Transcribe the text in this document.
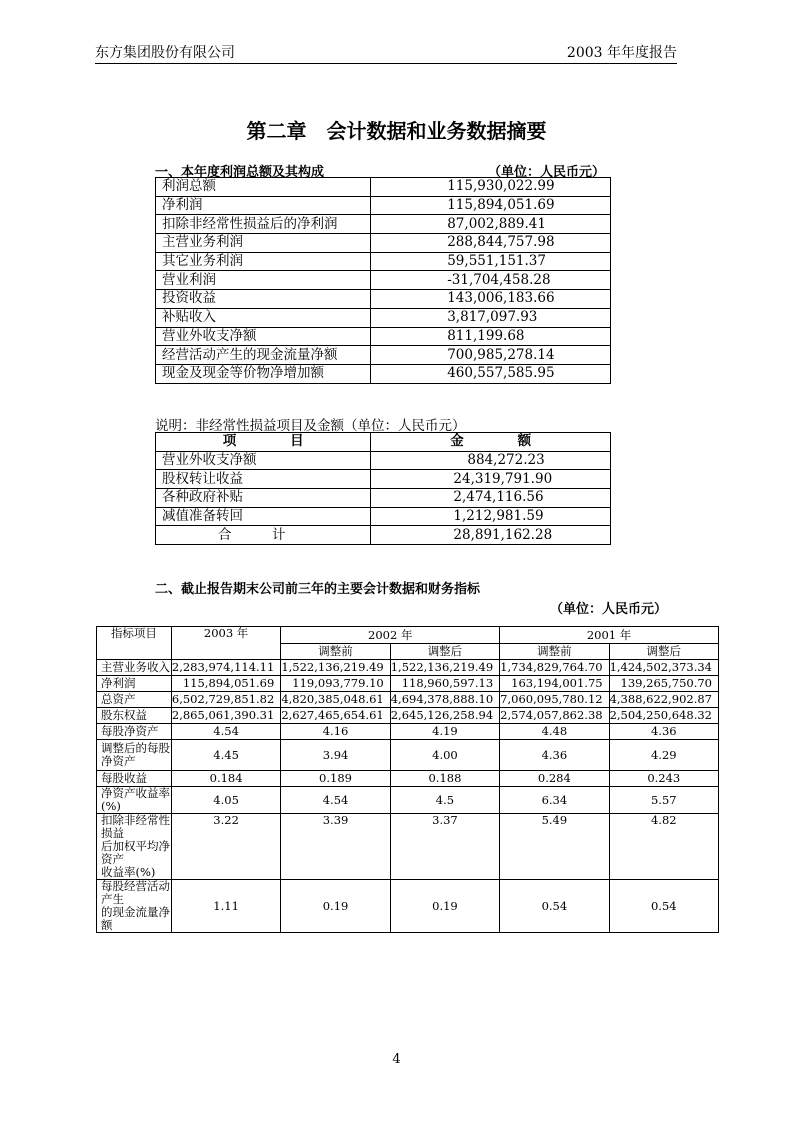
东方集团股份有限公司	2003 年年度报告
第二章　会计数据和业务数据摘要
一、本年度利润总额及其构成	（单位：人民币元）
利润总额	115,930,022.99
净利润	115,894,051.69
扣除非经常性损益后的净利润	87,002,889.41
主营业务利润	288,844,757.98
其它业务利润	59,551,151.37
营业利润	-31,704,458.28
投资收益	143,006,183.66
补贴收入	3,817,097.93
营业外收支净额	811,199.68
经营活动产生的现金流量净额	700,985,278.14
现金及现金等价物净增加额	460,557,585.95
说明：非经常性损益项目及金额（单位：人民币元）
项　　　　目	金　　　　额
营业外收支净额	884,272.23
股权转让收益	24,319,791.90
各种政府补贴	2,474,116.56
减值准备转回	1,212,981.59
合　　　计	28,891,162.28
二、截止报告期末公司前三年的主要会计数据和财务指标
（单位：人民币元）
指标项目	2003 年	2002 年		2001 年	
		调整前	调整后	调整前	调整后
主营业务收入	2,283,974,114.11	1,522,136,219.49	1,522,136,219.49	1,734,829,764.70	1,424,502,373.34
净利润	115,894,051.69	119,093,779.10	118,960,597.13	163,194,001.75	139,265,750.70
总资产	6,502,729,851.82	4,820,385,048.61	4,694,378,888.10	7,060,095,780.12	4,388,622,902.87
股东权益	2,865,061,390.31	2,627,465,654.61	2,645,126,258.94	2,574,057,862.38	2,504,250,648.32
每股净资产	4.54	4.16	4.19	4.48	4.36

调整后的每股
净资产	4.45	3.94	4.00	4.36	4.29
每股收益	0.184	0.189	0.188	0.284	0.243
净资产收益率(%)	4.05	4.54	4.5	6.34	5.57

扣除非经常性损益
后加权平均净资产
收益率(%)	3.22	3.39	3.37	5.49	4.82

每股经营活动产生
的现金流量净额	1.11	0.19	0.19	0.54	0.54
4
